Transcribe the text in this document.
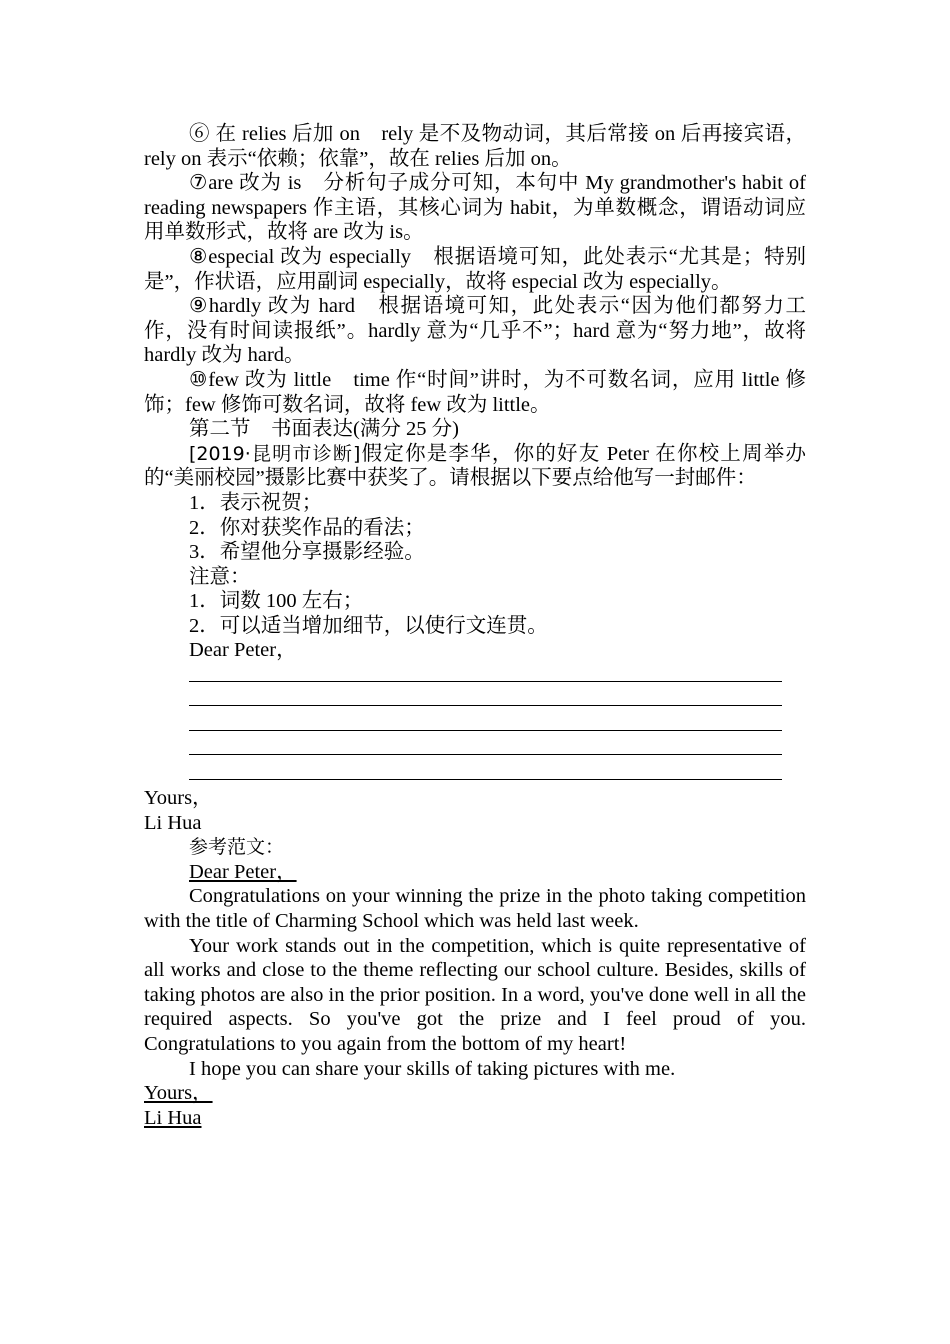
⑥ 在 relies 后加 on　rely 是不及物动词，其后常接 on 后再接宾语，rely on 表示“依赖；依靠”，故在 relies 后加 on。

⑦are 改为 is　分析句子成分可知，本句中 My grandmother's habit of reading newspapers 作主语，其核心词为 habit，为单数概念，谓语动词应用单数形式，故将 are 改为 is。

⑧especial 改为 especially　根据语境可知，此处表示“尤其是；特别是”，作状语，应用副词 especially，故将 especial 改为 especially。

⑨hardly 改为 hard　根据语境可知，此处表示“因为他们都努力工作，没有时间读报纸”。hardly 意为“几乎不”；hard 意为“努力地”，故将 hardly 改为 hard。

⑩few 改为 little　time 作“时间”讲时，为不可数名词，应用 little 修饰；few 修饰可数名词，故将 few 改为 little。

第二节　书面表达(满分 25 分)

[2019·昆明市诊断]假定你是李华，你的好友 Peter 在你校上周举办的“美丽校园”摄影比赛中获奖了。请根据以下要点给他写一封邮件：

1．表示祝贺；

2．你对获奖作品的看法；

3．希望他分享摄影经验。

注意：

1．词数 100 左右；

2．可以适当增加细节，以使行文连贯。

Dear Peter，

Yours，

Li Hua

参考范文：

Dear Peter，

Congratulations on your winning the prize in the photo taking competition with the title of Charming School which was held last week.

Your work stands out in the competition, which is quite representative of all works and close to the theme reflecting our school culture. Besides, skills of taking photos are also in the prior position. In a word, you've done well in all the required aspects. So you've got the prize and I feel proud of you. Congratulations to you again from the bottom of my heart!

I hope you can share your skills of taking pictures with me.

Yours，

Li Hua
